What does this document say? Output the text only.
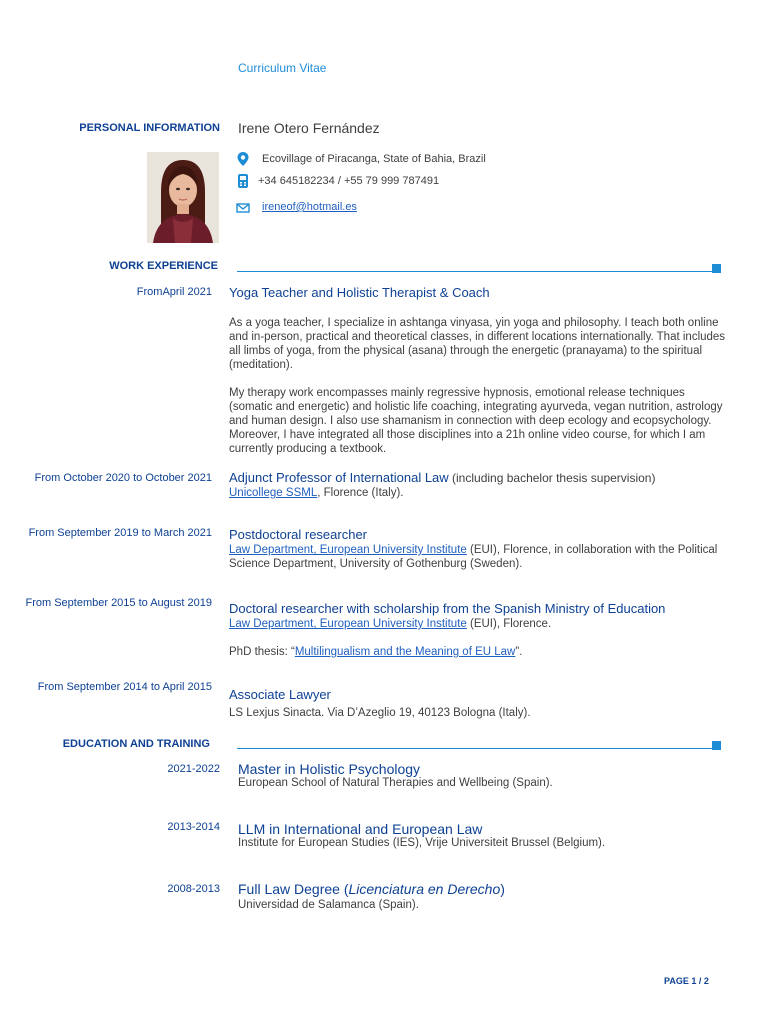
Curriculum Vitae
PERSONAL INFORMATION Irene Otero Fernández
Ecovillage of Piracanga, State of Bahia, Brazil
+34 645182234 / +55 79 999 787491
ireneof@hotmail.es
WORK EXPERIENCE
FromApril 2021 Yoga Teacher and Holistic Therapist & Coach
As a yoga teacher, I specialize in ashtanga vinyasa, yin yoga and philosophy. I teach both online and in-person, practical and theoretical classes, in different locations internationally. That includes all limbs of yoga, from the physical (asana) through the energetic (pranayama) to the spiritual (meditation).
My therapy work encompasses mainly regressive hypnosis, emotional release techniques (somatic and energetic) and holistic life coaching, integrating ayurveda, vegan nutrition, astrology and human design. I also use shamanism in connection with deep ecology and ecopsychology. Moreover, I have integrated all those disciplines into a 21h online video course, for which I am currently producing a textbook.
From October 2020 to October 2021 Adjunct Professor of International Law (including bachelor thesis supervision)
Unicollege SSML, Florence (Italy).
From September 2019 to March 2021 Postdoctoral researcher
Law Department, European University Institute (EUI), Florence, in collaboration with the Political Science Department, University of Gothenburg (Sweden).
From September 2015 to August 2019 Doctoral researcher with scholarship from the Spanish Ministry of Education
Law Department, European University Institute (EUI), Florence.
PhD thesis: “Multilingualism and the Meaning of EU Law”.
From September 2014 to April 2015 Associate Lawyer
LS Lexjus Sinacta. Via D’Azeglio 19, 40123 Bologna (Italy).
EDUCATION AND TRAINING
2021-2022 Master in Holistic Psychology
European School of Natural Therapies and Wellbeing (Spain).
2013-2014 LLM in International and European Law
Institute for European Studies (IES), Vrije Universiteit Brussel (Belgium).
2008-2013 Full Law Degree (Licenciatura en Derecho)
Universidad de Salamanca (Spain).
PAGE 1 / 2
